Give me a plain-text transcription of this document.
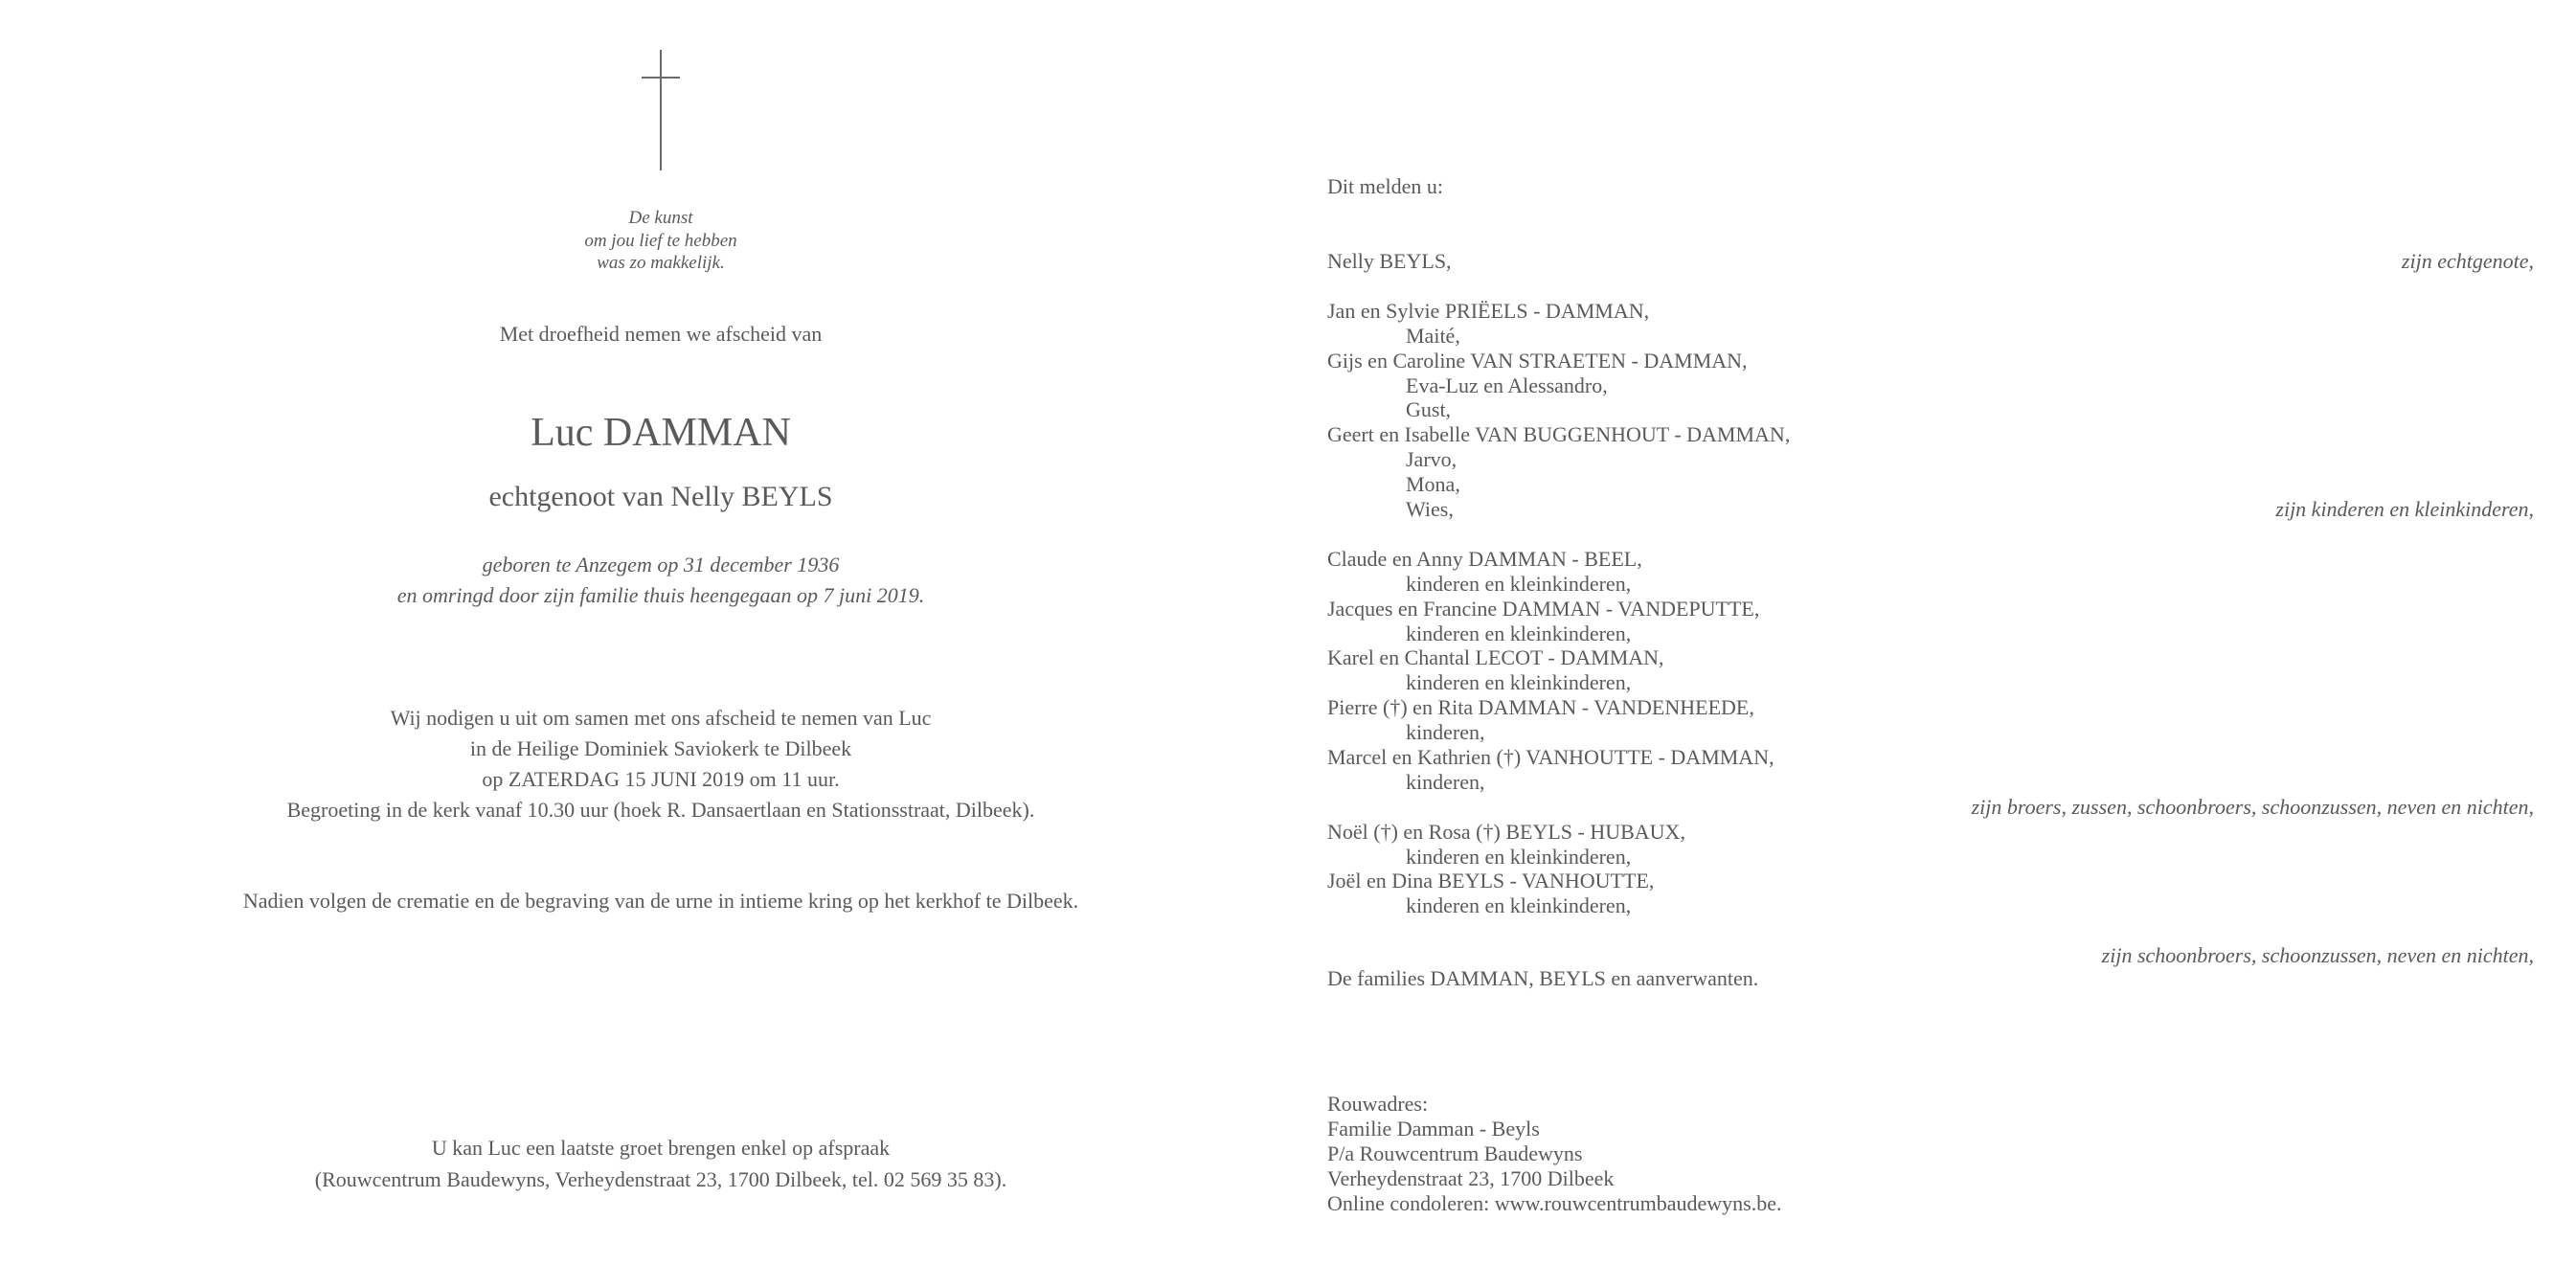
De kunst
om jou lief te hebben
was zo makkelijk.
Met droefheid nemen we afscheid van
Luc DAMMAN
echtgenoot van Nelly BEYLS
geboren te Anzegem op 31 december 1936
en omringd door zijn familie thuis heengegaan op 7 juni 2019.
Wij nodigen u uit om samen met ons afscheid te nemen van Luc
in de Heilige Dominiek Saviokerk te Dilbeek
op ZATERDAG 15 JUNI 2019 om 11 uur.
Begroeting in de kerk vanaf 10.30 uur (hoek R. Dansaertlaan en Stationsstraat, Dilbeek).
Nadien volgen de crematie en de begraving van de urne in intieme kring op het kerkhof te Dilbeek.
U kan Luc een laatste groet brengen enkel op afspraak
(Rouwcentrum Baudewyns, Verheydenstraat 23, 1700 Dilbeek, tel. 02 569 35 83).
Dit melden u:
Nelly BEYLS,	zijn echtgenote,
Jan en Sylvie PRIËELS - DAMMAN,
Maité,
Gijs en Caroline VAN STRAETEN - DAMMAN,
Eva-Luz en Alessandro,
Gust,
Geert en Isabelle VAN BUGGENHOUT - DAMMAN,
Jarvo,
Mona,
Wies,	zijn kinderen en kleinkinderen,
Claude en Anny DAMMAN - BEEL,
kinderen en kleinkinderen,
Jacques en Francine DAMMAN - VANDEPUTTE,
kinderen en kleinkinderen,
Karel en Chantal LECOT - DAMMAN,
kinderen en kleinkinderen,
Pierre (†) en Rita DAMMAN - VANDENHEEDE,
kinderen,
Marcel en Kathrien (†) VANHOUTTE - DAMMAN,
kinderen,
zijn broers, zussen, schoonbroers, schoonzussen, neven en nichten,
Noël (†) en Rosa (†) BEYLS - HUBAUX,
kinderen en kleinkinderen,
Joël en Dina BEYLS - VANHOUTTE,
kinderen en kleinkinderen,
zijn schoonbroers, schoonzussen, neven en nichten,
De families DAMMAN, BEYLS en aanverwanten.
Rouwadres:
Familie Damman - Beyls
P/a Rouwcentrum Baudewyns
Verheydenstraat 23, 1700 Dilbeek
Online condoleren: www.rouwcentrumbaudewyns.be.
